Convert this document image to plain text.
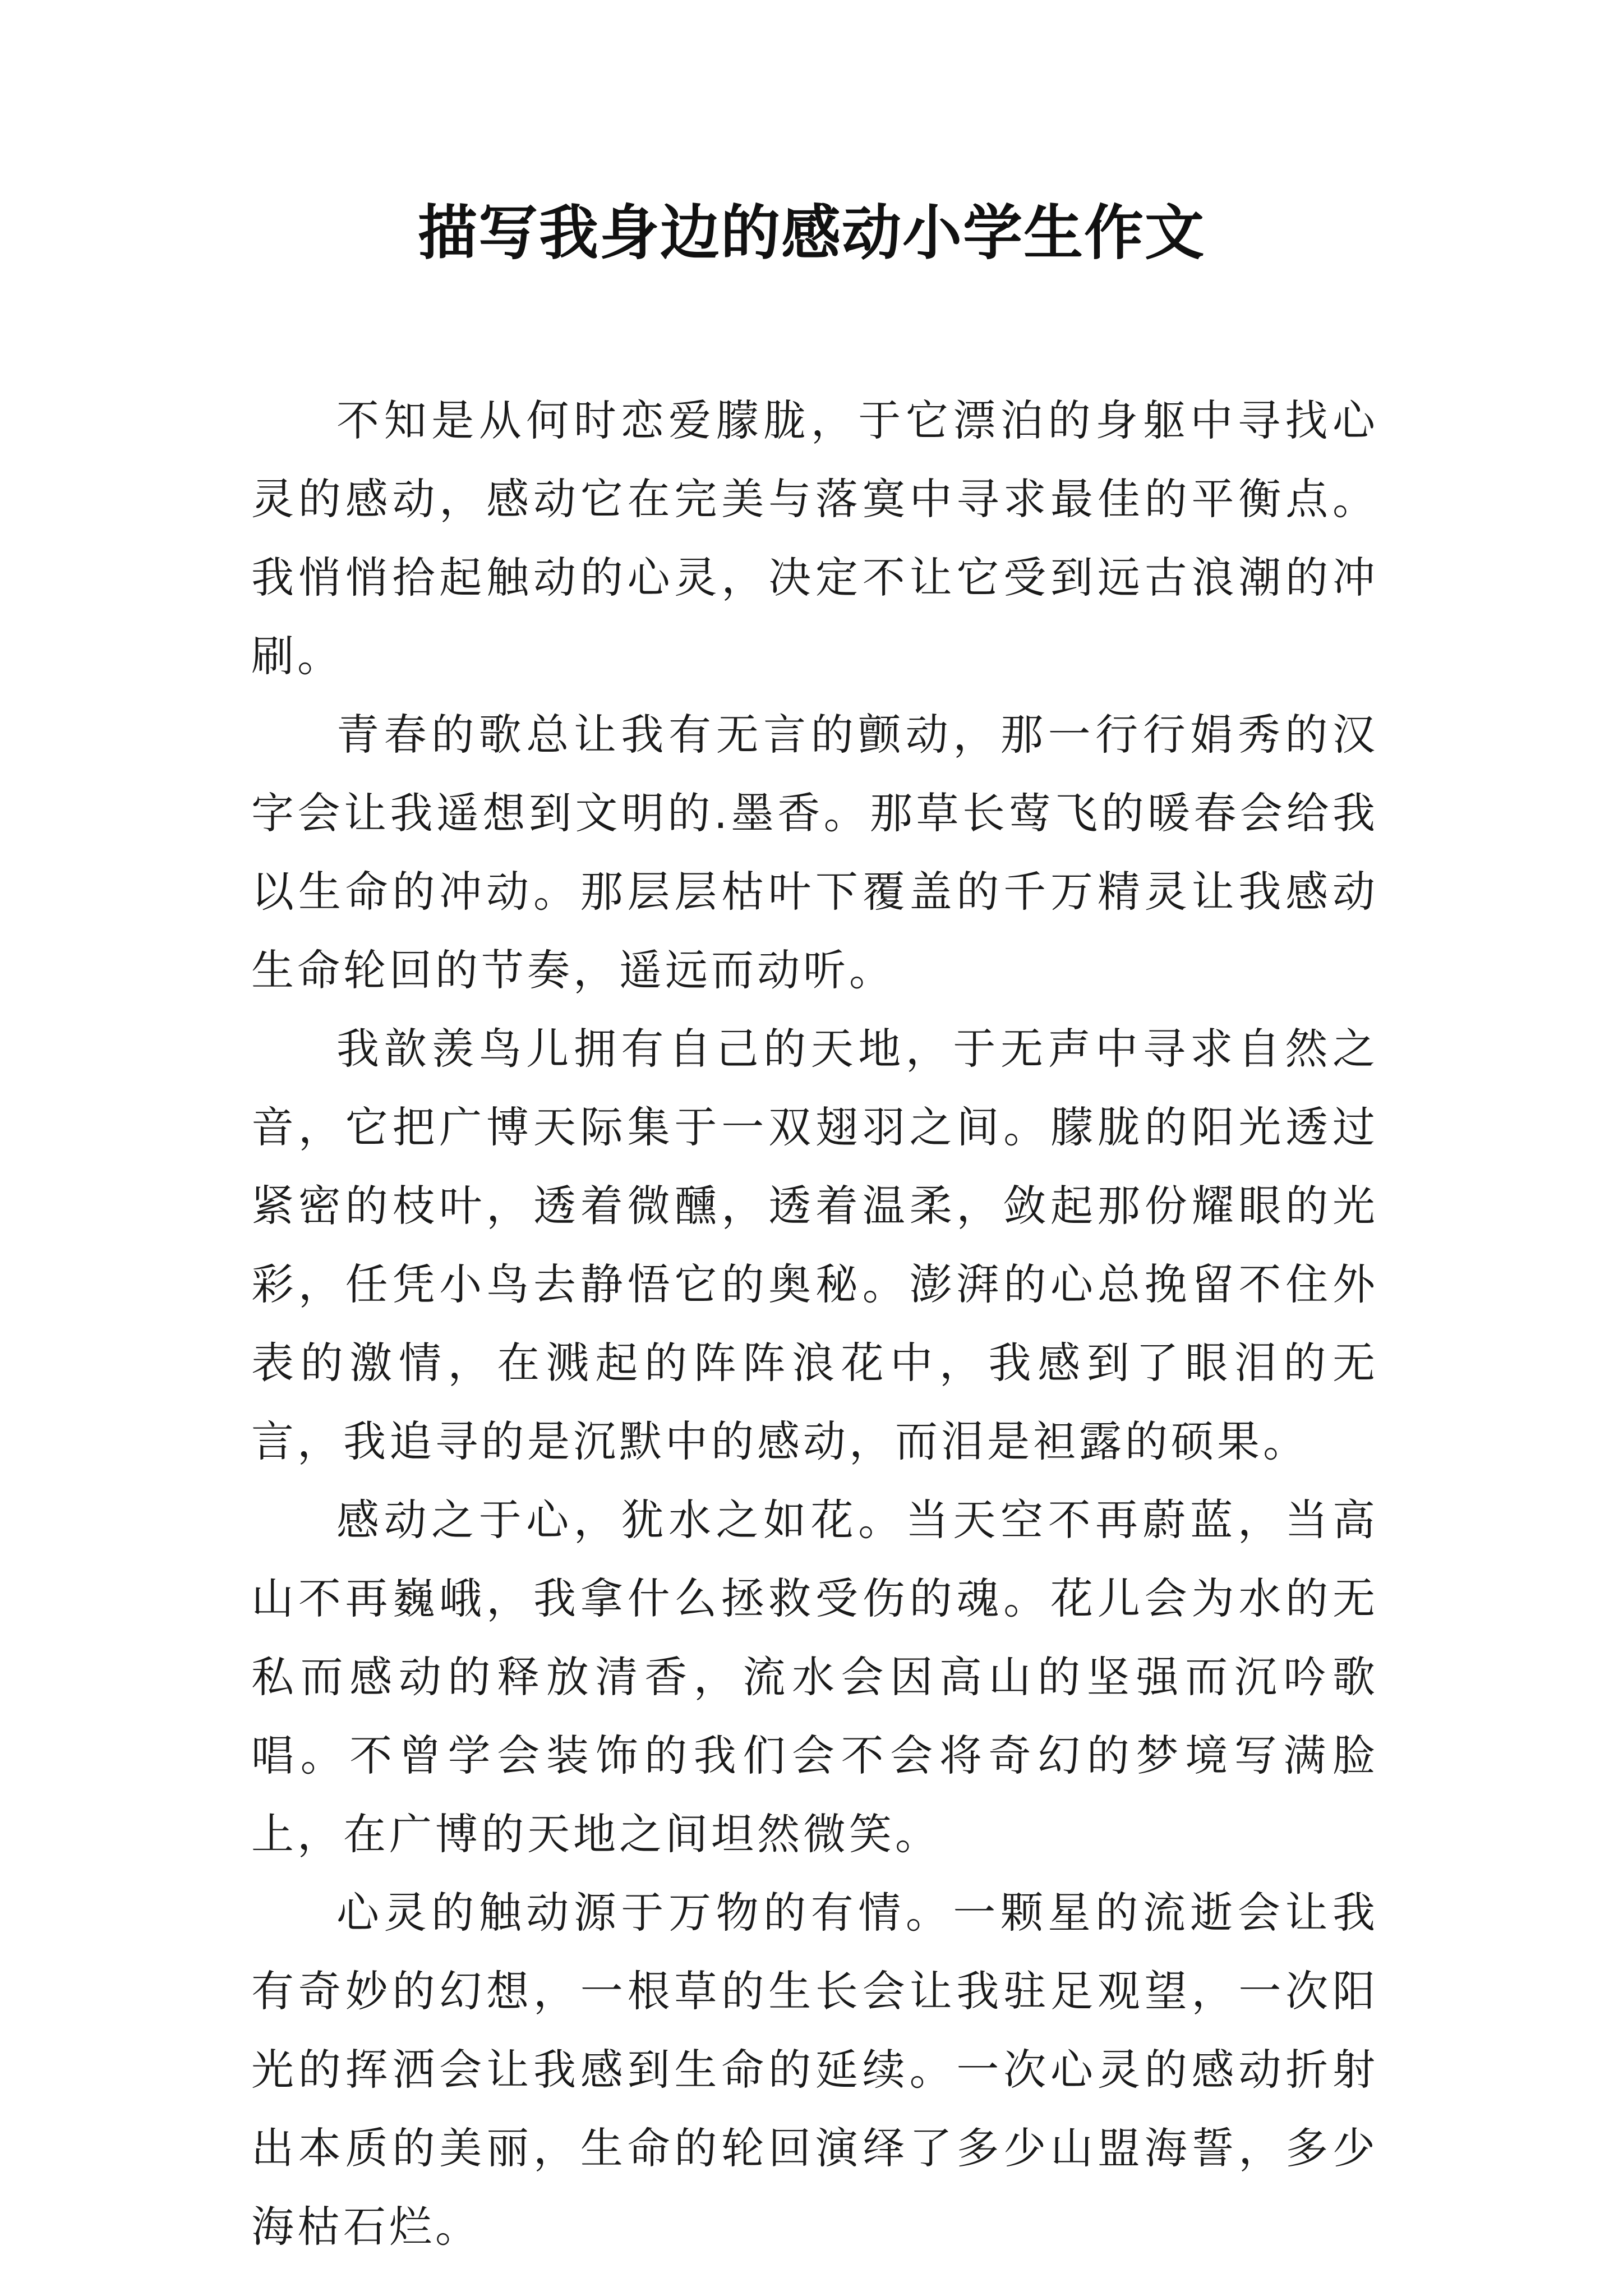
描写我身边的感动小学生作文

不知是从何时恋爱朦胧，于它漂泊的身躯中寻找心灵的感动，感动它在完美与落寞中寻求最佳的平衡点。我悄悄拾起触动的心灵，决定不让它受到远古浪潮的冲刷。

青春的歌总让我有无言的颤动，那一行行娟秀的汉字会让我遥想到文明的.墨香。那草长莺飞的暖春会给我以生命的冲动。那层层枯叶下覆盖的千万精灵让我感动生命轮回的节奏，遥远而动听。

我歆羡鸟儿拥有自己的天地，于无声中寻求自然之音，它把广博天际集于一双翅羽之间。朦胧的阳光透过紧密的枝叶，透着微醺，透着温柔，敛起那份耀眼的光彩，任凭小鸟去静悟它的奥秘。澎湃的心总挽留不住外表的激情，在溅起的阵阵浪花中，我感到了眼泪的无言，我追寻的是沉默中的感动，而泪是袒露的硕果。

感动之于心，犹水之如花。当天空不再蔚蓝，当高山不再巍峨，我拿什么拯救受伤的魂。花儿会为水的无私而感动的释放清香，流水会因高山的坚强而沉吟歌唱。不曾学会装饰的我们会不会将奇幻的梦境写满脸上，在广博的天地之间坦然微笑。

心灵的触动源于万物的有情。一颗星的流逝会让我有奇妙的幻想，一根草的生长会让我驻足观望，一次阳光的挥洒会让我感到生命的延续。一次心灵的感动折射出本质的美丽，生命的轮回演绎了多少山盟海誓，多少海枯石烂。
